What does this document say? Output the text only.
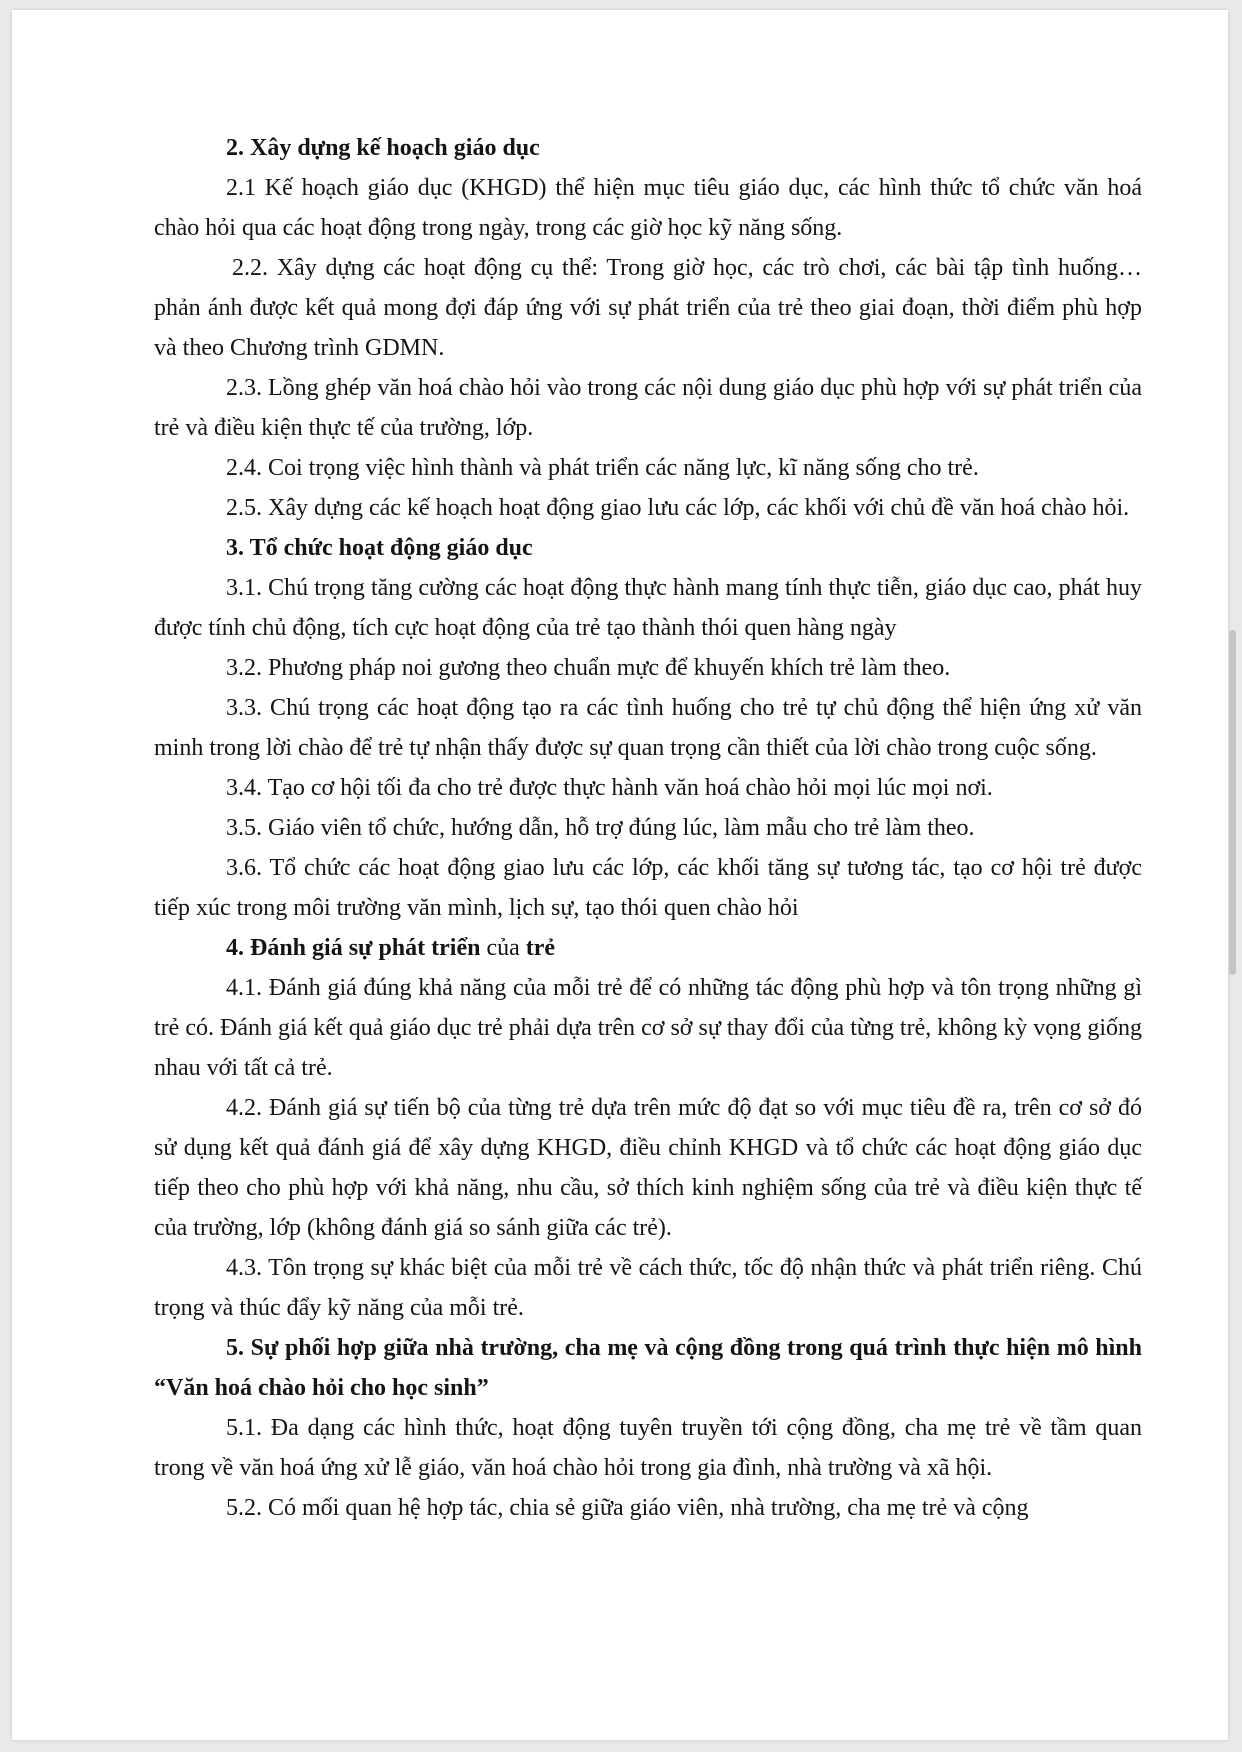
2. Xây dựng kế hoạch giáo dục

2.1 Kế hoạch giáo dục (KHGD) thể hiện mục tiêu giáo dục, các hình thức tổ chức văn hoá chào hỏi qua các hoạt động trong ngày, trong các giờ học kỹ năng sống.

2.2. Xây dựng các hoạt động cụ thể: Trong giờ học, các trò chơi, các bài tập tình huống… phản ánh được kết quả mong đợi đáp ứng với sự phát triển của trẻ theo giai đoạn, thời điểm phù hợp và theo Chương trình GDMN.

2.3. Lồng ghép văn hoá chào hỏi vào trong các nội dung giáo dục phù hợp với sự phát triển của trẻ và điều kiện thực tế của trường, lớp.

2.4. Coi trọng việc hình thành và phát triển các năng lực, kĩ năng sống cho trẻ.

2.5. Xây dựng các kế hoạch hoạt động giao lưu các lớp, các khối với chủ đề văn hoá chào hỏi.

3. Tổ chức hoạt động giáo dục

3.1. Chú trọng tăng cường các hoạt động thực hành mang tính thực tiễn, giáo dục cao, phát huy được tính chủ động, tích cực hoạt động của trẻ tạo thành thói quen hàng ngày

3.2. Phương pháp noi gương theo chuẩn mực để khuyến khích trẻ làm theo.

3.3. Chú trọng các hoạt động tạo ra các tình huống cho trẻ tự chủ động thể hiện ứng xử văn minh trong lời chào để trẻ tự nhận thấy được sự quan trọng cần thiết của lời chào trong cuộc sống.

3.4. Tạo cơ hội tối đa cho trẻ được thực hành văn hoá chào hỏi mọi lúc mọi nơi.

3.5. Giáo viên tổ chức, hướng dẫn, hỗ trợ đúng lúc, làm mẫu cho trẻ làm theo.

3.6. Tổ chức các hoạt động giao lưu các lớp, các khối tăng sự tương tác, tạo cơ hội trẻ được tiếp xúc trong môi trường văn mình, lịch sự, tạo thói quen chào hỏi

4. Đánh giá sự phát triển của trẻ

4.1. Đánh giá đúng khả năng của mỗi trẻ để có những tác động phù hợp và tôn trọng những gì trẻ có. Đánh giá kết quả giáo dục trẻ phải dựa trên cơ sở sự thay đổi của từng trẻ, không kỳ vọng giống nhau với tất cả trẻ.

4.2. Đánh giá sự tiến bộ của từng trẻ dựa trên mức độ đạt so với mục tiêu đề ra, trên cơ sở đó sử dụng kết quả đánh giá để xây dựng KHGD, điều chỉnh KHGD và tổ chức các hoạt động giáo dục tiếp theo cho phù hợp với khả năng, nhu cầu, sở thích kinh nghiệm sống của trẻ và điều kiện thực tế của trường, lớp (không đánh giá so sánh giữa các trẻ).

4.3. Tôn trọng sự khác biệt của mỗi trẻ về cách thức, tốc độ nhận thức và phát triển riêng. Chú trọng và thúc đẩy kỹ năng của mỗi trẻ.

5. Sự phối hợp giữa nhà trường, cha mẹ và cộng đồng trong quá trình thực hiện mô hình “Văn hoá chào hỏi cho học sinh”

5.1. Đa dạng các hình thức, hoạt động tuyên truyền tới cộng đồng, cha mẹ trẻ về tầm quan trong về văn hoá ứng xử lễ giáo, văn hoá chào hỏi trong gia đình, nhà trường và xã hội.

5.2. Có mối quan hệ hợp tác, chia sẻ giữa giáo viên, nhà trường, cha mẹ trẻ và cộng
